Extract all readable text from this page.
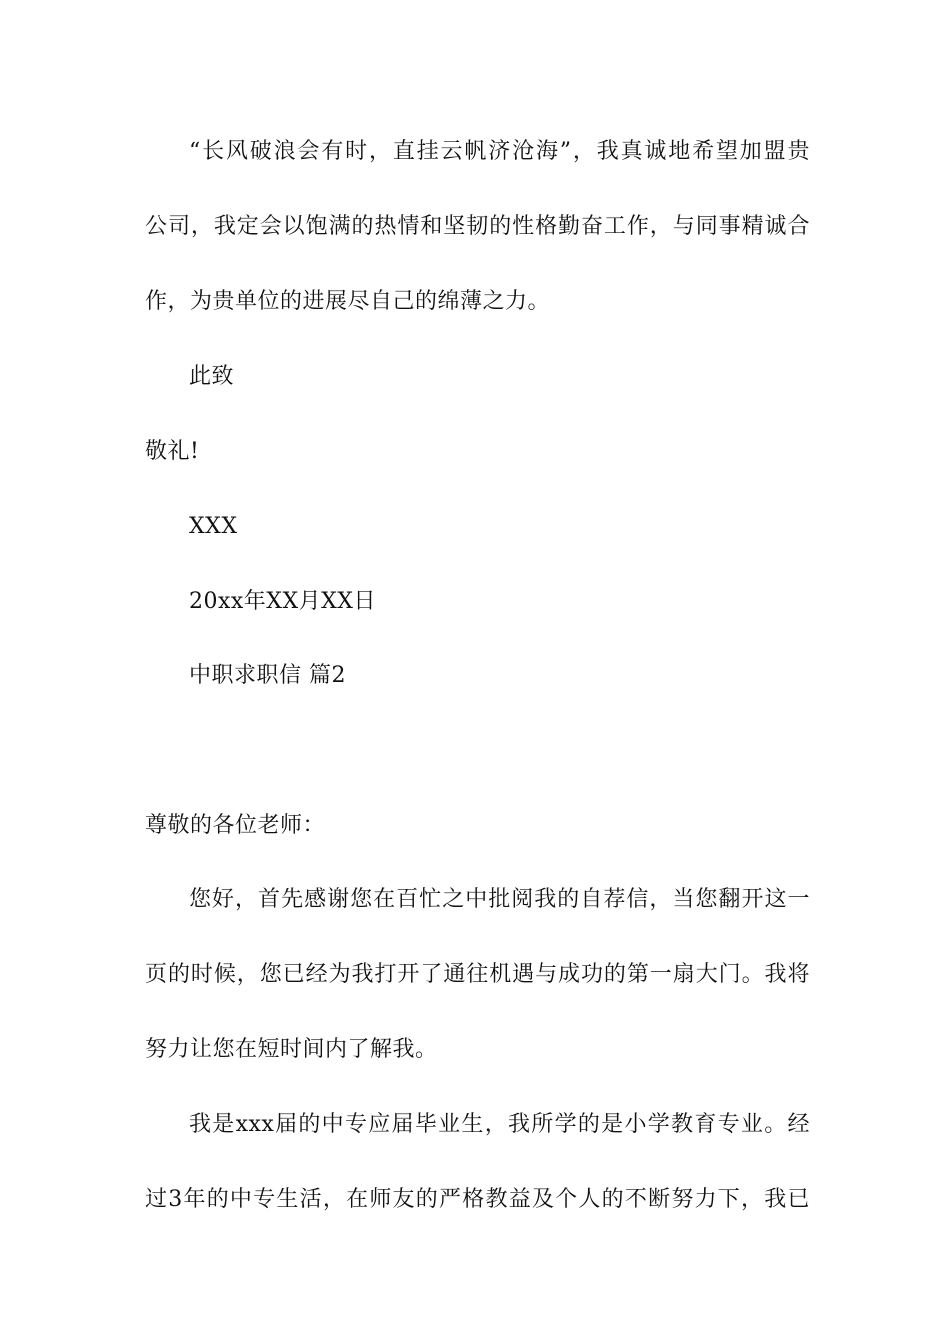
“长风破浪会有时，直挂云帆济沧海”，我真诚地希望加盟贵
公司，我定会以饱满的热情和坚韧的性格勤奋工作，与同事精诚合
作，为贵单位的进展尽自己的绵薄之力。
此致
敬礼!
XXX
20xx年XX月XX日
中职求职信 篇2
尊敬的各位老师：
您好，首先感谢您在百忙之中批阅我的自荐信，当您翻开这一
页的时候，您已经为我打开了通往机遇与成功的第一扇大门。我将
努力让您在短时间内了解我。
我是xxx届的中专应届毕业生，我所学的是小学教育专业。经
过3年的中专生活，在师友的严格教益及个人的不断努力下，我已
